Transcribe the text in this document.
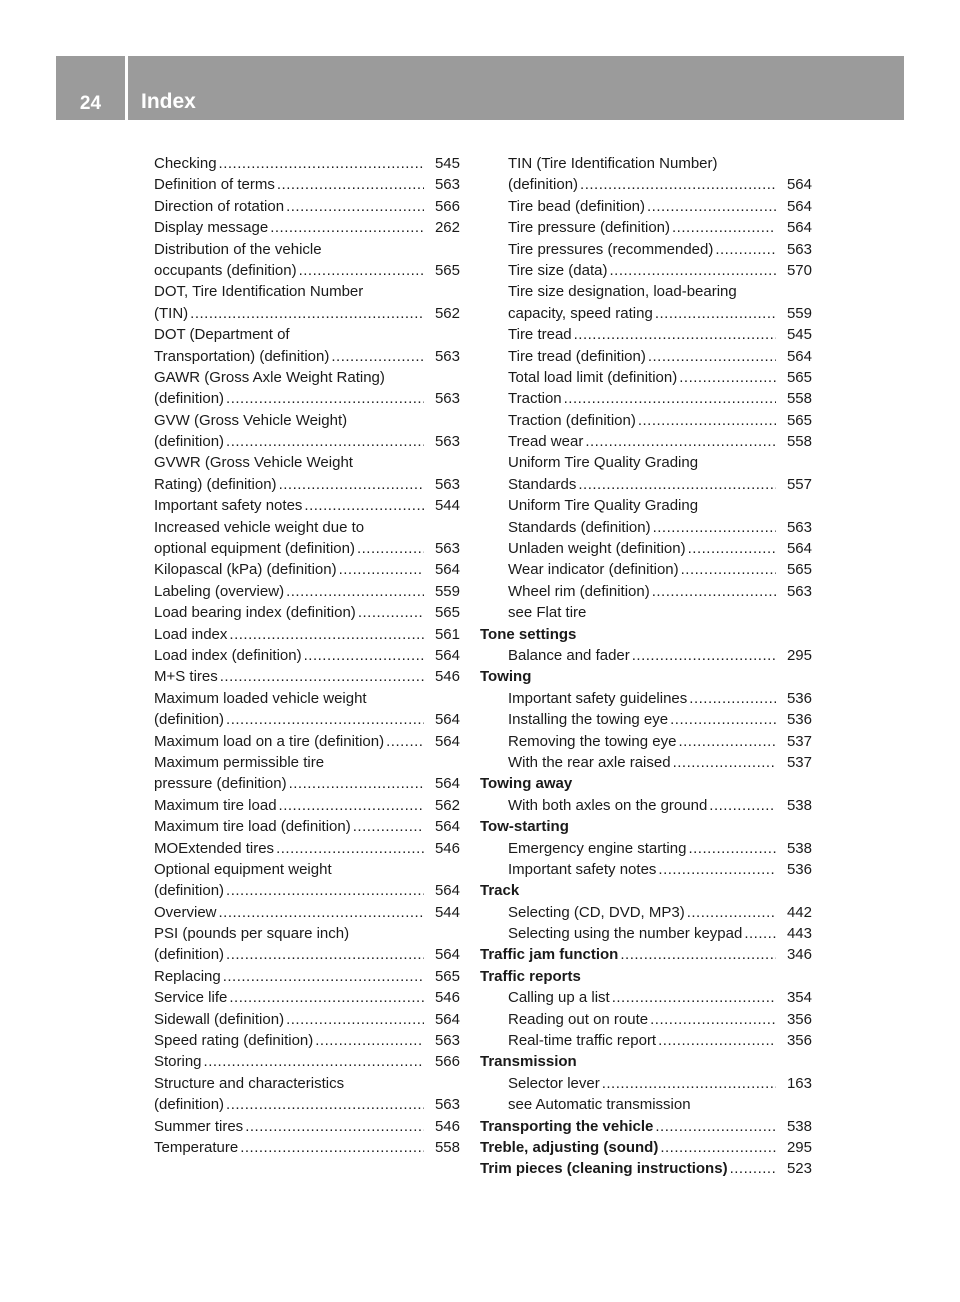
24	Index
Checking .....	545
Definition of terms .....	563
Direction of rotation .....	566
Display message .....	262
Distribution of the vehicle
occupants (definition) .....	565
DOT, Tire Identification Number
(TIN) .....	562
DOT (Department of
Transportation) (definition) .....	563
GAWR (Gross Axle Weight Rating)
(definition) .....	563
GVW (Gross Vehicle Weight)
(definition) .....	563
GVWR (Gross Vehicle Weight
Rating) (definition) .....	563
Important safety notes .....	544
Increased vehicle weight due to
optional equipment (definition) .....	563
Kilopascal (kPa) (definition) .....	564
Labeling (overview) .....	559
Load bearing index (definition) .....	565
Load index .....	561
Load index (definition) .....	564
M+S tires .....	546
Maximum loaded vehicle weight
(definition) .....	564
Maximum load on a tire (definition) .....	564
Maximum permissible tire
pressure (definition) .....	564
Maximum tire load .....	562
Maximum tire load (definition) .....	564
MOExtended tires .....	546
Optional equipment weight
(definition) .....	564
Overview .....	544
PSI (pounds per square inch)
(definition) .....	564
Replacing .....	565
Service life .....	546
Sidewall (definition) .....	564
Speed rating (definition) .....	563
Storing .....	566
Structure and characteristics
(definition) .....	563
Summer tires .....	546
Temperature .....	558
TIN (Tire Identification Number)
(definition) .....	564
Tire bead (definition) .....	564
Tire pressure (definition) .....	564
Tire pressures (recommended) .....	563
Tire size (data) .....	570
Tire size designation, load-bearing
capacity, speed rating .....	559
Tire tread .....	545
Tire tread (definition) .....	564
Total load limit (definition) .....	565
Traction .....	558
Traction (definition) .....	565
Tread wear .....	558
Uniform Tire Quality Grading
Standards .....	557
Uniform Tire Quality Grading
Standards (definition) .....	563
Unladen weight (definition) .....	564
Wear indicator (definition) .....	565
Wheel rim (definition) .....	563
see Flat tire
Tone settings
Balance and fader .....	295
Towing
Important safety guidelines .....	536
Installing the towing eye .....	536
Removing the towing eye .....	537
With the rear axle raised .....	537
Towing away
With both axles on the ground .....	538
Tow-starting
Emergency engine starting .....	538
Important safety notes .....	536
Track
Selecting (CD, DVD, MP3) .....	442
Selecting using the number keypad .....	443
Traffic jam function .....	346
Traffic reports
Calling up a list .....	354
Reading out on route .....	356
Real-time traffic report .....	356
Transmission
Selector lever .....	163
see Automatic transmission
Transporting the vehicle .....	538
Treble, adjusting (sound) .....	295
Trim pieces (cleaning instructions) .....	523
